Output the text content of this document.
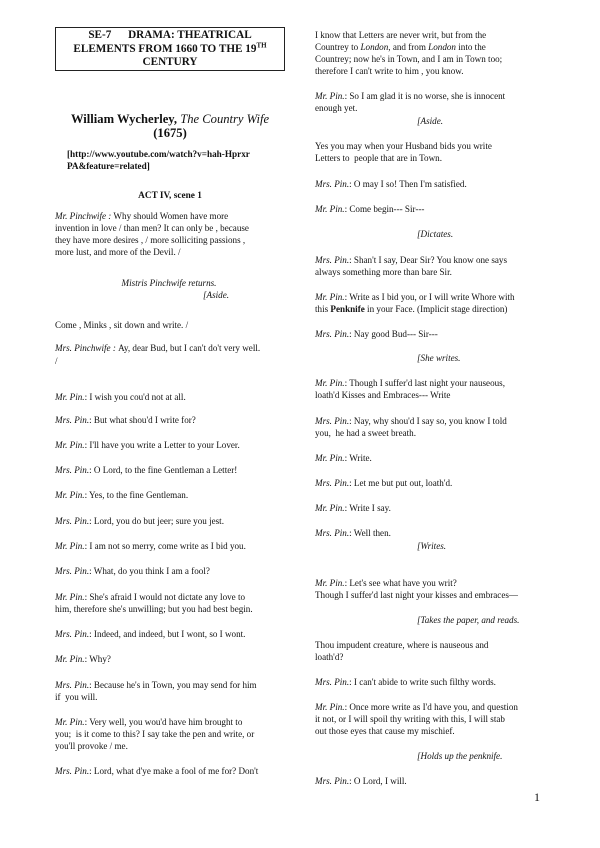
SE-7      DRAMA: THEATRICAL
ELEMENTS FROM 1660 TO THE 19TH
CENTURY
William Wycherley, The Country Wife
(1675)
[http://www.youtube.com/watch?v=hah-Hprxr
PA&feature=related]
ACT IV, scene 1
Mr. Pinchwife : Why should Women have more
invention in love / than men? It can only be , because
they have more desires , / more solliciting passions ,
more lust, and more of the Devil. /
Mistris Pinchwife returns.
[Aside.
Come , Minks , sit down and write. /
Mrs. Pinchwife : Ay, dear Bud, but I can't do't very well.
/
Mr. Pin.: I wish you cou'd not at all.
Mrs. Pin.: But what shou'd I write for?
Mr. Pin.: I'll have you write a Letter to your Lover.
Mrs. Pin.: O Lord, to the fine Gentleman a Letter!
Mr. Pin.: Yes, to the fine Gentleman.
Mrs. Pin.: Lord, you do but jeer; sure you jest.
Mr. Pin.: I am not so merry, come write as I bid you.
Mrs. Pin.: What, do you think I am a fool?
Mr. Pin.: She's afraid I would not dictate any love to
him, therefore she's unwilling; but you had best begin.
Mrs. Pin.: Indeed, and indeed, but I wont, so I wont.
Mr. Pin.: Why?
Mrs. Pin.: Because he's in Town, you may send for him
if  you will.
Mr. Pin.: Very well, you wou'd have him brought to
you;  is it come to this? I say take the pen and write, or
you'll provoke / me.
Mrs. Pin.: Lord, what d'ye make a fool of me for? Don't
I know that Letters are never writ, but from the
Countrey to London, and from London into the
Countrey; now he's in Town, and I am in Town too;
therefore I can't write to him , you know.
Mr. Pin.: So I am glad it is no worse, she is innocent
enough yet.
[Aside.
Yes you may when your Husband bids you write
Letters to  people that are in Town.
Mrs. Pin.: O may I so! Then I'm satisfied.
Mr. Pin.: Come begin--- Sir---
[Dictates.
Mrs. Pin.: Shan't I say, Dear Sir? You know one says
always something more than bare Sir.
Mr. Pin.: Write as I bid you, or I will write Whore with
this Penknife in your Face. (Implicit stage direction)
Mrs. Pin.: Nay good Bud--- Sir---
[She writes.
Mr. Pin.: Though I suffer'd last night your nauseous,
loath'd Kisses and Embraces--- Write
Mrs. Pin.: Nay, why shou'd I say so, you know I told
you,  he had a sweet breath.
Mr. Pin.: Write.
Mrs. Pin.: Let me but put out, loath'd.
Mr. Pin.: Write I say.
Mrs. Pin.: Well then.
[Writes.
Mr. Pin.: Let's see what have you writ?
Though I suffer'd last night your kisses and embraces—
[Takes the paper, and reads.
Thou impudent creature, where is nauseous and
loath'd?
Mrs. Pin.: I can't abide to write such filthy words.
Mr. Pin.: Once more write as I'd have you, and question
it not, or I will spoil thy writing with this, I will stab
out those eyes that cause my mischief.
[Holds up the penknife.
Mrs. Pin.: O Lord, I will.
1
